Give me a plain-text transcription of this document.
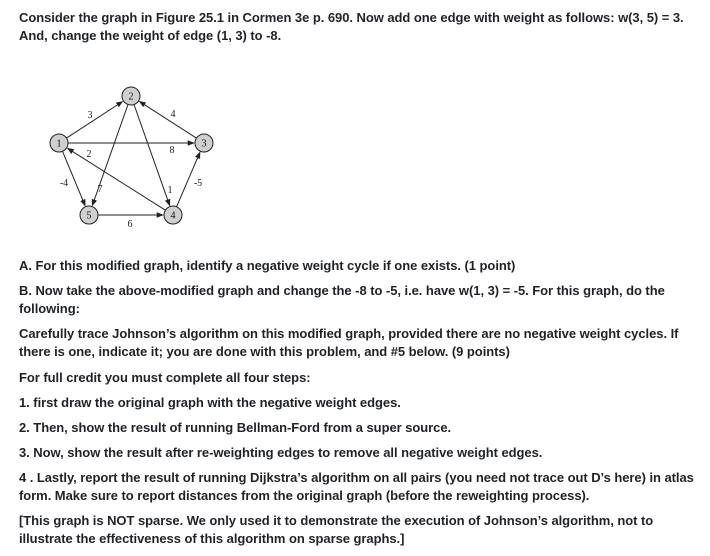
Consider the graph in Figure 25.1 in Cormen 3e p. 690. Now add one edge with weight as follows: w(3, 5) = 3. And, change the weight of edge (1, 3) to -8.
3	4
8
2
-4
7	1
-5
6
1
2
3
4
5
A. For this modified graph, identify a negative weight cycle if one exists. (1 point)
B. Now take the above-modified graph and change the -8 to -5, i.e. have w(1, 3) = -5. For this graph, do the following:
Carefully trace Johnson’s algorithm on this modified graph, provided there are no negative weight cycles. If there is one, indicate it; you are done with this problem, and #5 below. (9 points)
For full credit you must complete all four steps:
1. first draw the original graph with the negative weight edges.
2. Then, show the result of running Bellman-Ford from a super source.
3. Now, show the result after re-weighting edges to remove all negative weight edges.
4 . Lastly, report the result of running Dijkstra’s algorithm on all pairs (you need not trace out D’s here) in atlas form. Make sure to report distances from the original graph (before the reweighting process).
[This graph is NOT sparse. We only used it to demonstrate the execution of Johnson’s algorithm, not to illustrate the effectiveness of this algorithm on sparse graphs.]
